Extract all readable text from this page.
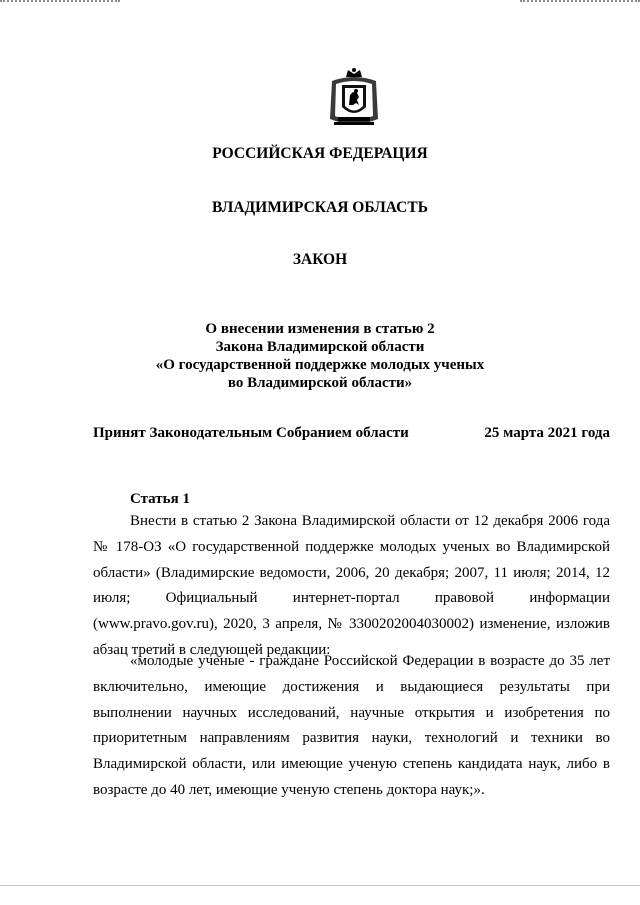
РОССИЙСКАЯ ФЕДЕРАЦИЯ

ВЛАДИМИРСКАЯ ОБЛАСТЬ

ЗАКОН

О внесении изменения в статью 2
Закона Владимирской области
«О государственной поддержке молодых ученых
во Владимирской области»
Принят Законодательным Собранием области	25 марта 2021 года
Статья 1

Внести в статью 2 Закона Владимирской области от 12 декабря 2006 года № 178-ОЗ «О государственной поддержке молодых ученых во Владимирской области» (Владимирские ведомости, 2006, 20 декабря; 2007, 11 июля; 2014, 12 июля; Официальный интернет-портал правовой информации (www.pravo.gov.ru), 2020, 3 апреля, № 3300202004030002) изменение, изложив абзац третий в следующей редакции:

«молодые ученые - граждане Российской Федерации в возрасте до 35 лет включительно, имеющие достижения и выдающиеся результаты при выполнении научных исследований, научные открытия и изобретения по приоритетным направлениям развития науки, технологий и техники во Владимирской области, или имеющие ученую степень кандидата наук, либо в возрасте до 40 лет, имеющие ученую степень доктора наук;».
